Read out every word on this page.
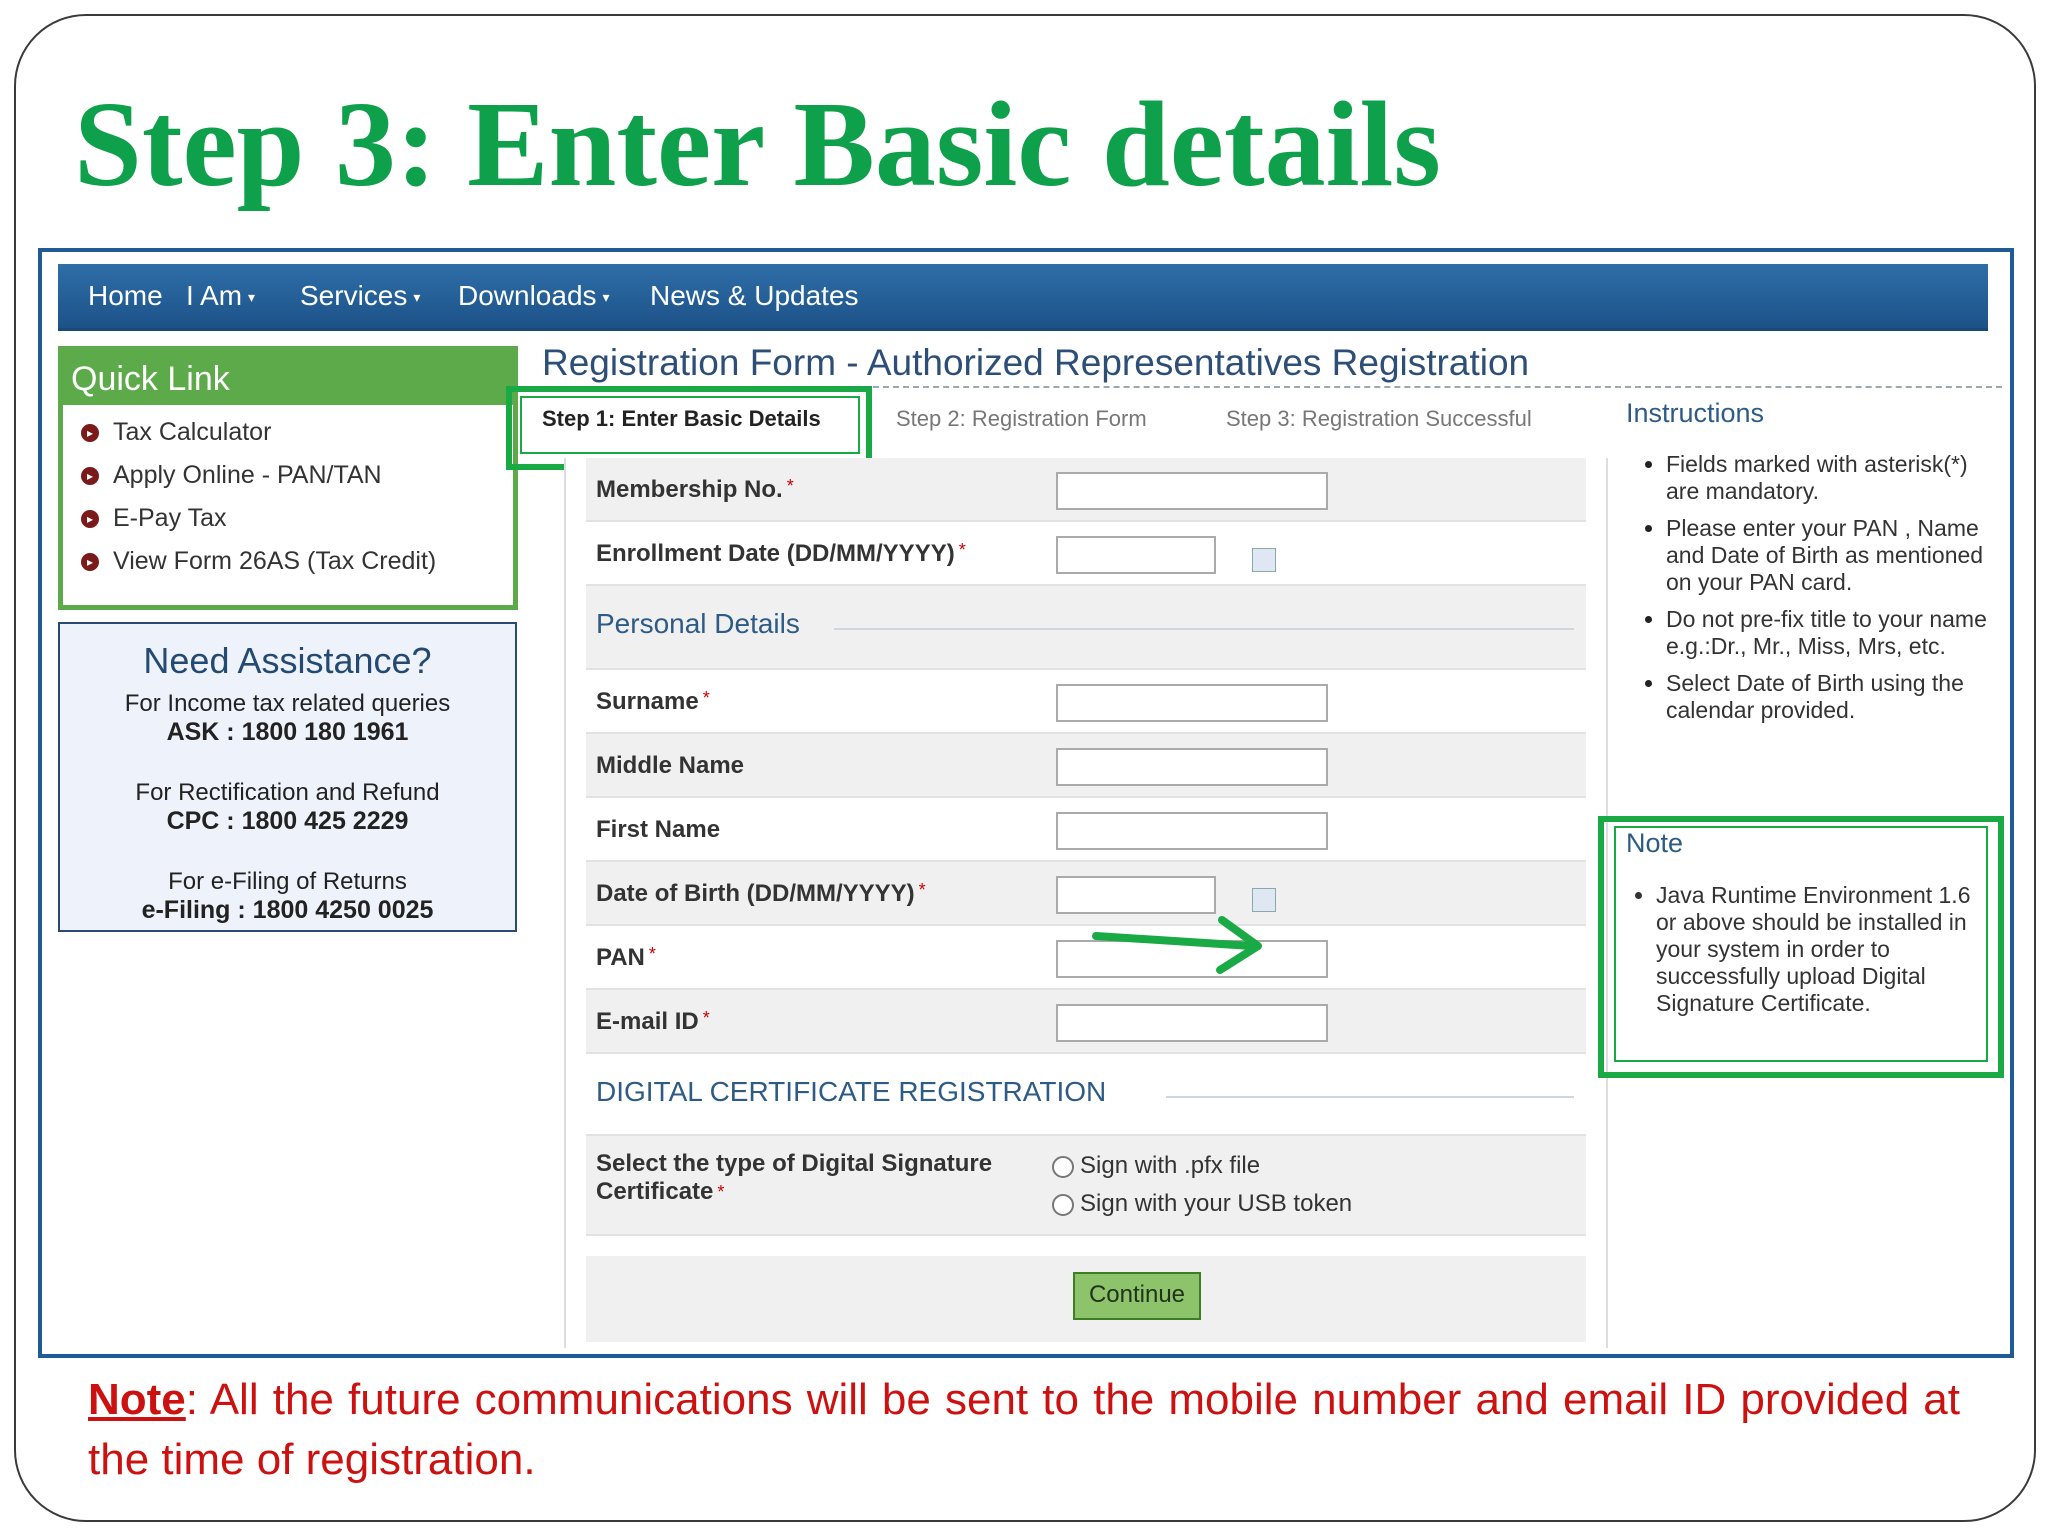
Step 3: Enter Basic details
Home I Am ▾ Services ▾ Downloads ▾ News & Updates
Quick Link
▸ Tax Calculator
▸ Apply Online - PAN/TAN
▸ E-Pay Tax
▸ View Form 26AS (Tax Credit)
Need Assistance?
For Income tax related queries
ASK : 1800 180 1961
For Rectification and Refund
CPC : 1800 425 2229
For e-Filing of Returns
e-Filing : 1800 4250 0025
Registration Form - Authorized Representatives Registration
Step 1: Enter Basic Details	Step 2: Registration Form	Step 3: Registration Successful
Membership No. *
Enrollment Date (DD/MM/YYYY) *
Personal Details
Surname *
Middle Name
First Name
Date of Birth (DD/MM/YYYY) *
PAN *
E-mail ID *
DIGITAL CERTIFICATE REGISTRATION
Select the type of Digital Signature
Certificate *
Sign with .pfx file
Sign with your USB token
Continue
Instructions
• Fields marked with asterisk(*) are mandatory.
• Please enter your PAN , Name and Date of Birth as mentioned on your PAN card.
• Do not pre-fix title to your name e.g.:Dr., Mr., Miss, Mrs, etc.
• Select Date of Birth using the calendar provided.
Note
• Java Runtime Environment 1.6 or above should be installed in your system in order to successfully upload Digital Signature Certificate.
Note: All the future communications will be sent to the mobile number and email ID provided at the time of registration.
